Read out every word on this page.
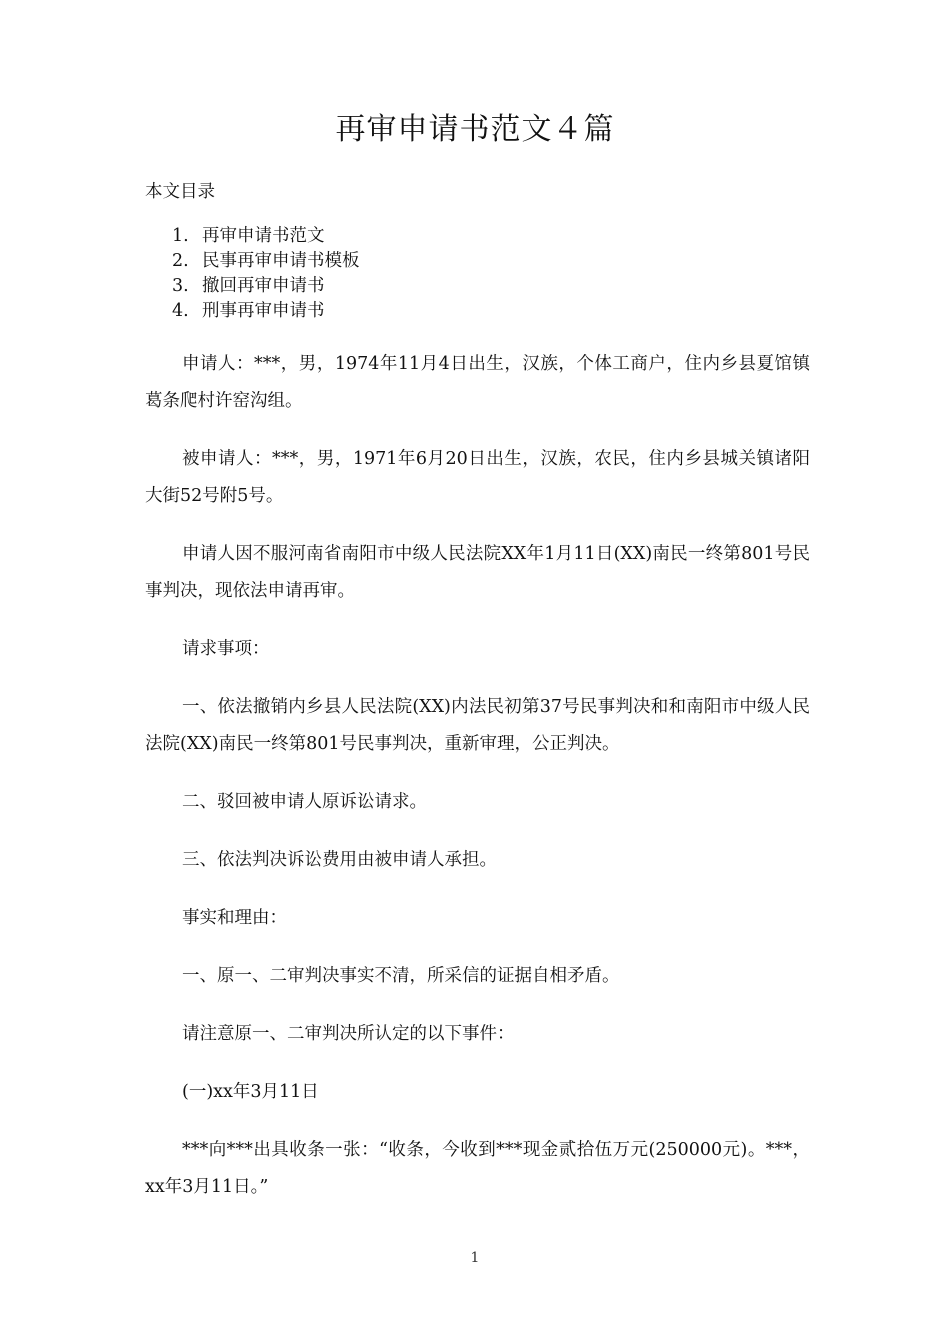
再审申请书范文４篇
本文目录
1. 再审申请书范文
2. 民事再审申请书模板
3. 撤回再审申请书
4. 刑事再审申请书

申请人：***，男，1974年11月4日出生，汉族，个体工商户，住内乡县夏馆镇葛条爬村许窑沟组。

被申请人：***，男，1971年6月20日出生，汉族，农民，住内乡县城关镇诸阳大街52号附5号。

申请人因不服河南省南阳市中级人民法院XX年1月11日(XX)南民一终第801号民事判决，现依法申请再审。

请求事项：

一、依法撤销内乡县人民法院(XX)内法民初第37号民事判决和和南阳市中级人民法院(XX)南民一终第801号民事判决，重新审理，公正判决。

二、驳回被申请人原诉讼请求。

三、依法判决诉讼费用由被申请人承担。

事实和理由：

一、原一、二审判决事实不清，所采信的证据自相矛盾。

请注意原一、二审判决所认定的以下事件：

(一)xx年3月11日

***向***出具收条一张：“收条，今收到***现金贰拾伍万元(250000元)。***，xx年3月11日。”

1
